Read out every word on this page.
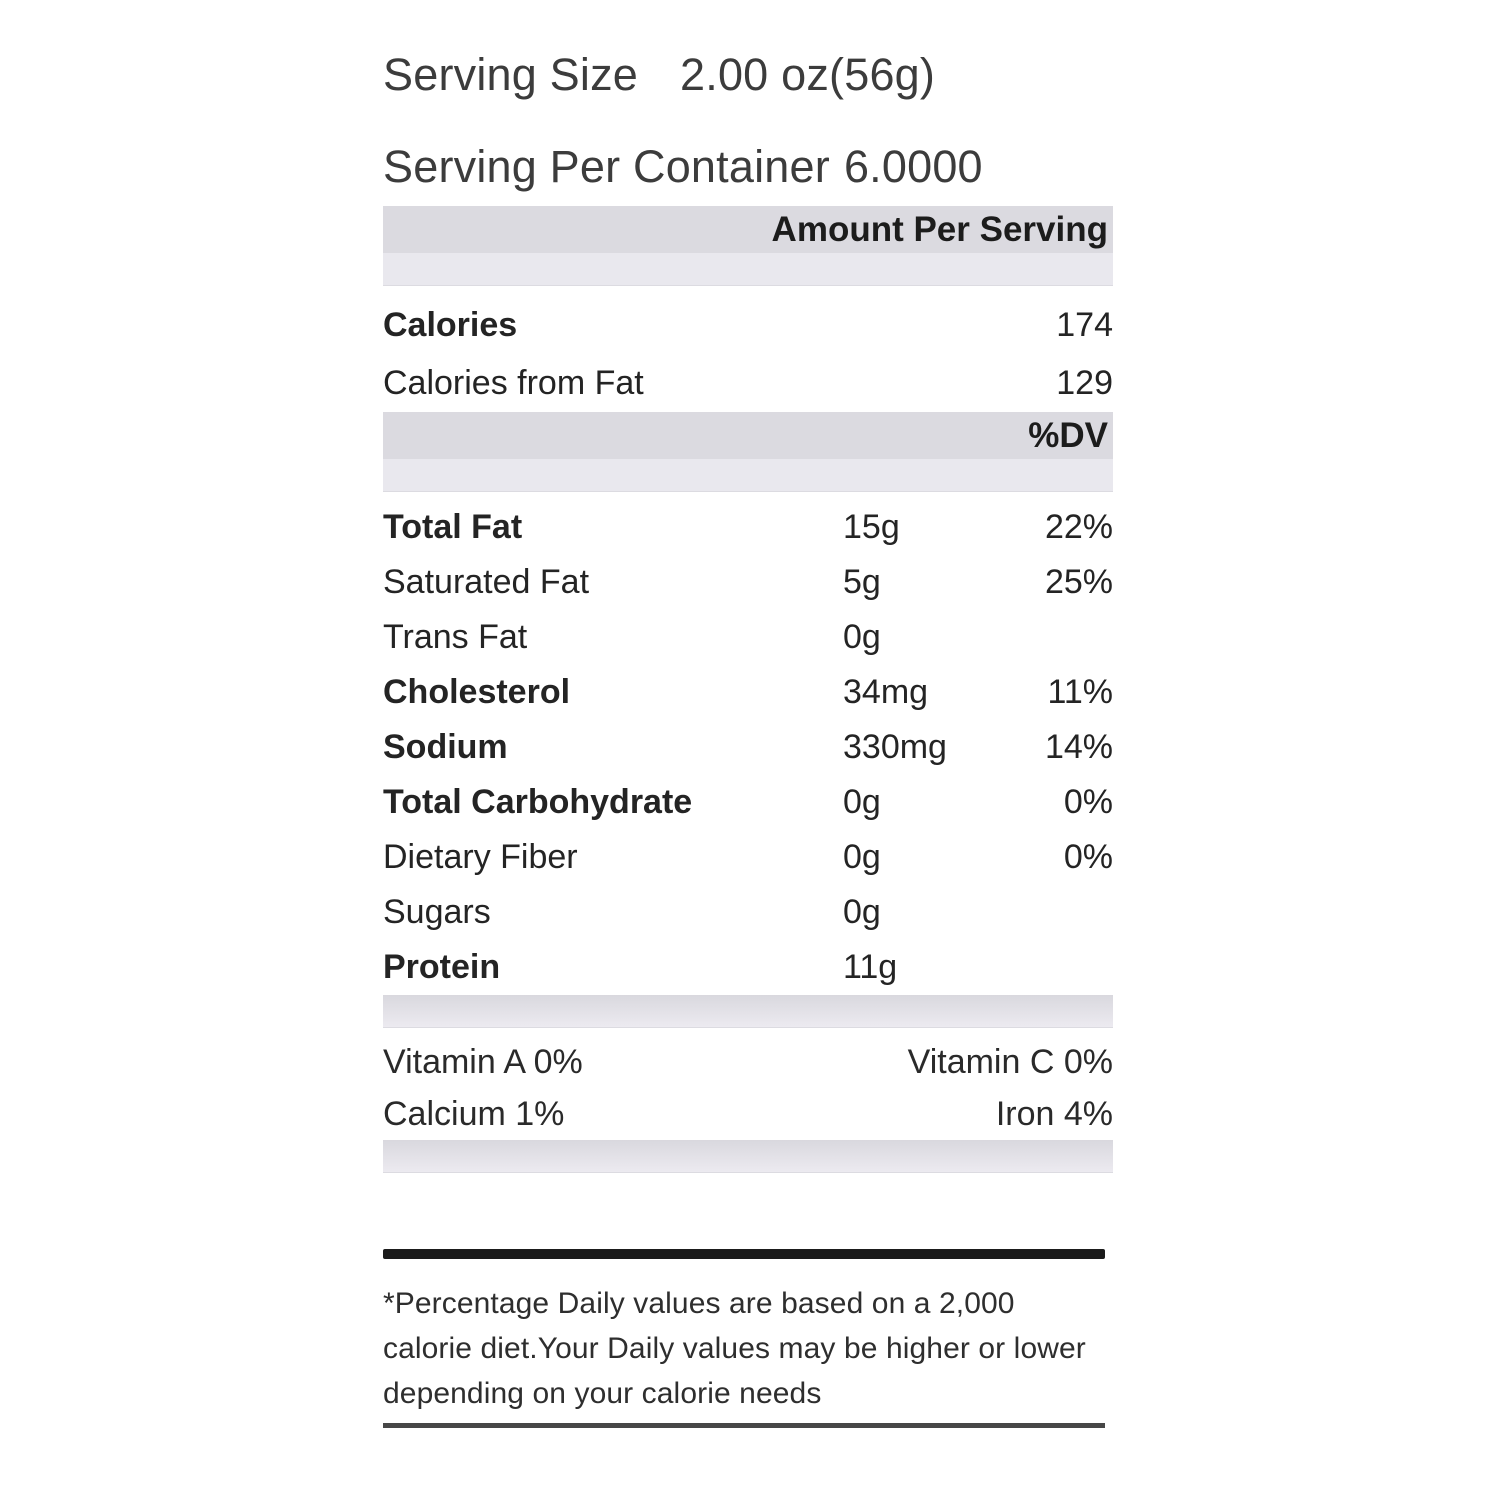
Serving Size 2.00 oz(56g)
Serving Per Container 6.0000
Amount Per Serving
Calories	174
Calories from Fat	129
%DV
Total Fat	15g	22%
Saturated Fat	5g	25%
Trans Fat	0g
Cholesterol	34mg	11%
Sodium	330mg	14%
Total Carbohydrate	0g	0%
Dietary Fiber	0g	0%
Sugars	0g
Protein	11g
Vitamin A 0%	Vitamin C 0%
Calcium 1%	Iron 4%
*Percentage Daily values are based on a 2,000
calorie diet.Your Daily values may be higher or lower
depending on your calorie needs
